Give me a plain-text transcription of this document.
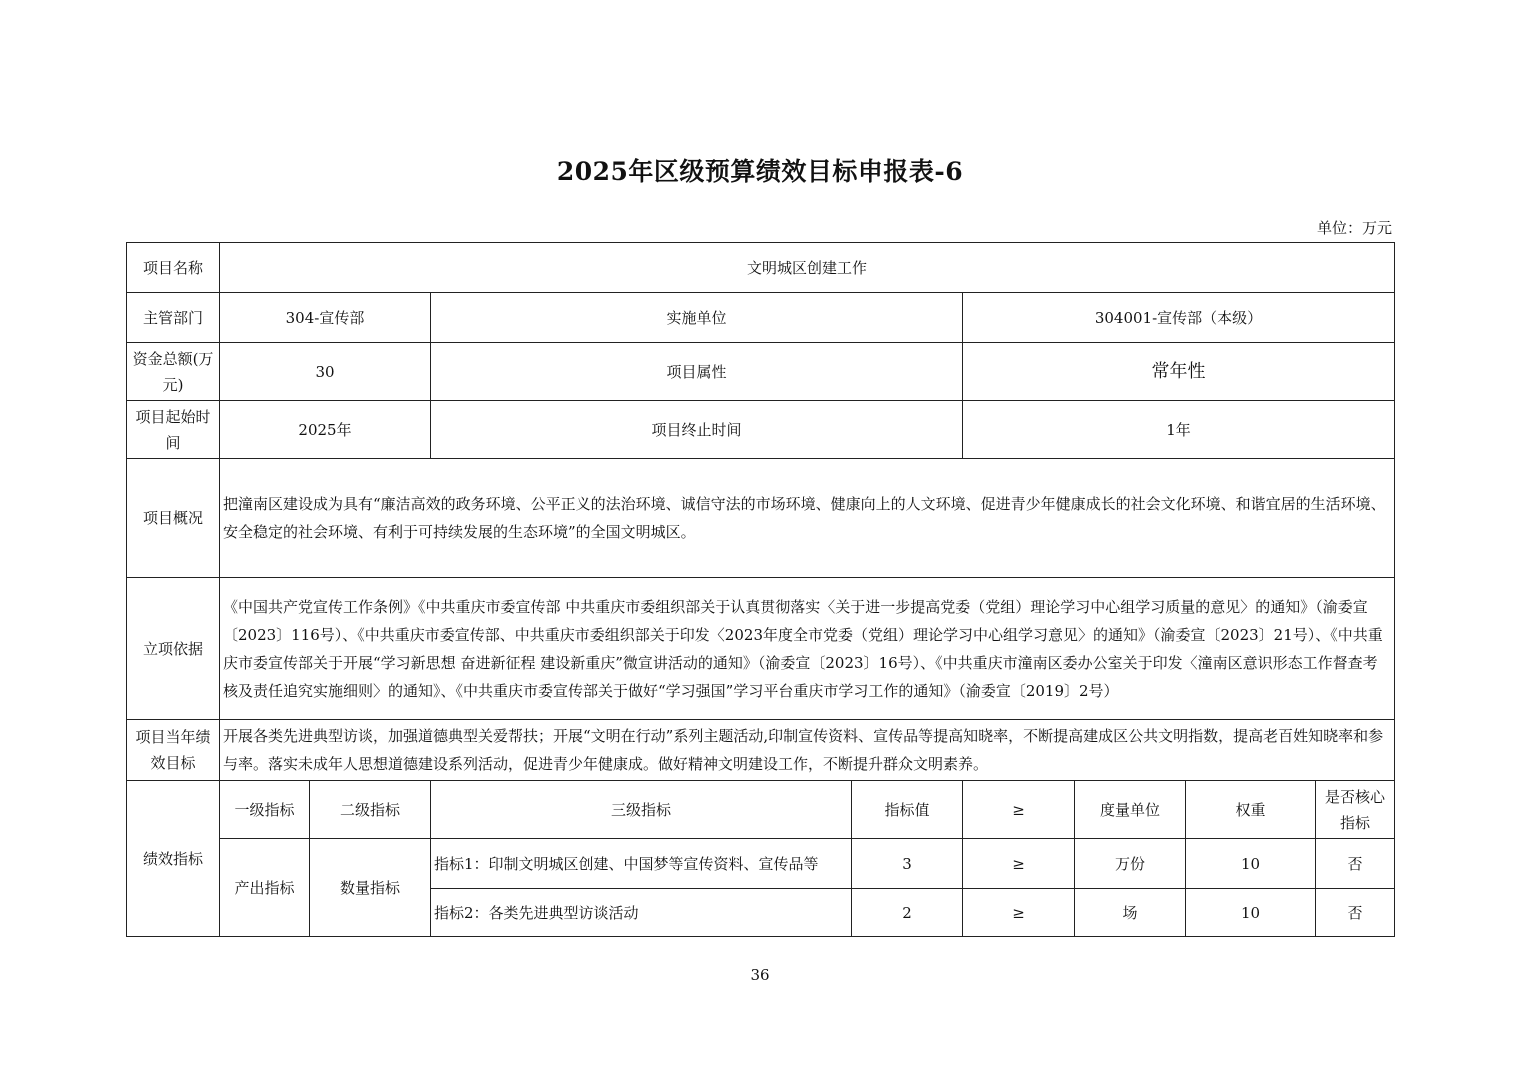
2025年区级预算绩效目标申报表-6
单位：万元
项目名称	文明城区创建工作							
主管部门	304-宣传部		实施单位		304001-宣传部（本级）			
资金总额(万元)	30		项目属性		常年性			
项目起始时间	2025年		项目终止时间		1年			
项目概况	把潼南区建设成为具有“廉洁高效的政务环境、公平正义的法治环境、诚信守法的市场环境、健康向上的人文环境、促进青少年健康成长的社会文化环境、和谐宜居的生活环境、安全稳定的社会环境、有利于可持续发展的生态环境”的全国文明城区。							
立项依据	《中国共产党宣传工作条例》《中共重庆市委宣传部 中共重庆市委组织部关于认真贯彻落实〈关于进一步提高党委（党组）理论学习中心组学习质量的意见〉的通知》（渝委宣〔2023〕116号）、《中共重庆市委宣传部、中共重庆市委组织部关于印发〈2023年度全市党委（党组）理论学习中心组学习意见〉的通知》（渝委宣〔2023〕21号）、《中共重庆市委宣传部关于开展“学习新思想 奋进新征程 建设新重庆”微宣讲活动的通知》（渝委宣〔2023〕16号）、《中共重庆市潼南区委办公室关于印发〈潼南区意识形态工作督查考核及责任追究实施细则〉的通知》、《中共重庆市委宣传部关于做好“学习强国”学习平台重庆市学习工作的通知》（渝委宣〔2019〕2号）							
项目当年绩效目标	开展各类先进典型访谈，加强道德典型关爱帮扶；开展“文明在行动”系列主题活动,印制宣传资料、宣传品等提高知晓率，不断提高建成区公共文明指数，提高老百姓知晓率和参与率。落实未成年人思想道德建设系列活动，促进青少年健康成。做好精神文明建设工作，不断提升群众文明素养。							
绩效指标	一级指标	二级指标	三级指标	指标值	≥	度量单位	权重	是否核心指标
	产出指标	数量指标	指标1：印制文明城区创建、中国梦等宣传资料、宣传品等	3	≥	万份	10	否
			指标2：各类先进典型访谈活动	2	≥	场	10	否
36
